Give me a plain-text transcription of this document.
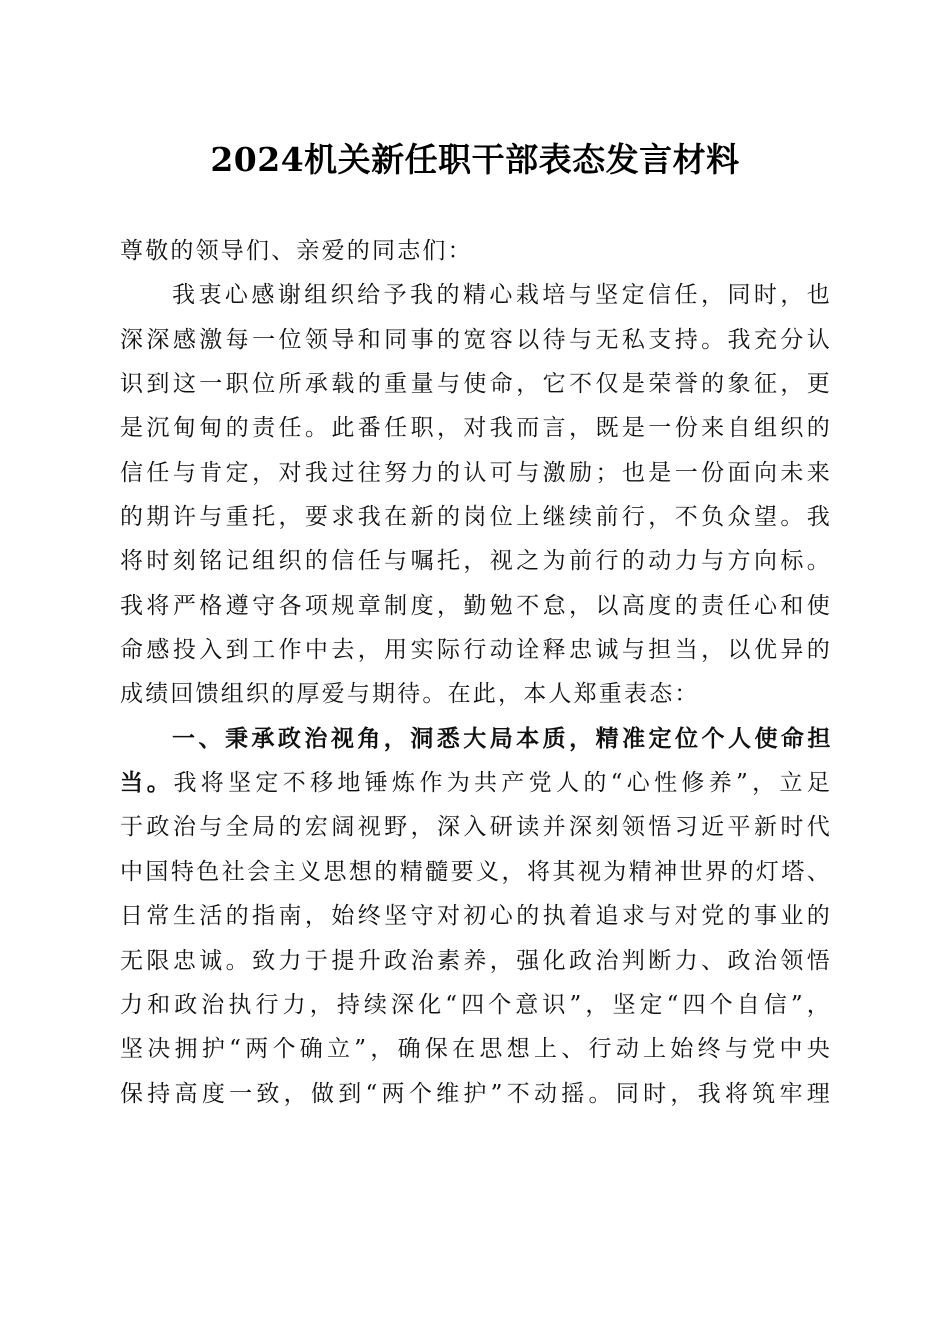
2024机关新任职干部表态发言材料
尊敬的领导们、亲爱的同志们：
我衷心感谢组织给予我的精心栽培与坚定信任，同时，也
深深感激每一位领导和同事的宽容以待与无私支持。我充分认
识到这一职位所承载的重量与使命，它不仅是荣誉的象征，更
是沉甸甸的责任。此番任职，对我而言，既是一份来自组织的
信任与肯定，对我过往努力的认可与激励；也是一份面向未来
的期许与重托，要求我在新的岗位上继续前行，不负众望。我
将时刻铭记组织的信任与嘱托，视之为前行的动力与方向标。
我将严格遵守各项规章制度，勤勉不怠，以高度的责任心和使
命感投入到工作中去，用实际行动诠释忠诚与担当，以优异的
成绩回馈组织的厚爱与期待。在此，本人郑重表态：
一、秉承政治视角，洞悉大局本质，精准定位个人使命担
当。我将坚定不移地锤炼作为共产党人的“心性修养”，立足
于政治与全局的宏阔视野，深入研读并深刻领悟习近平新时代
中国特色社会主义思想的精髓要义，将其视为精神世界的灯塔、
日常生活的指南，始终坚守对初心的执着追求与对党的事业的
无限忠诚。致力于提升政治素养，强化政治判断力、政治领悟
力和政治执行力，持续深化“四个意识”，坚定“四个自信”，
坚决拥护“两个确立”，确保在思想上、行动上始终与党中央
保持高度一致，做到“两个维护”不动摇。同时，我将筑牢理
